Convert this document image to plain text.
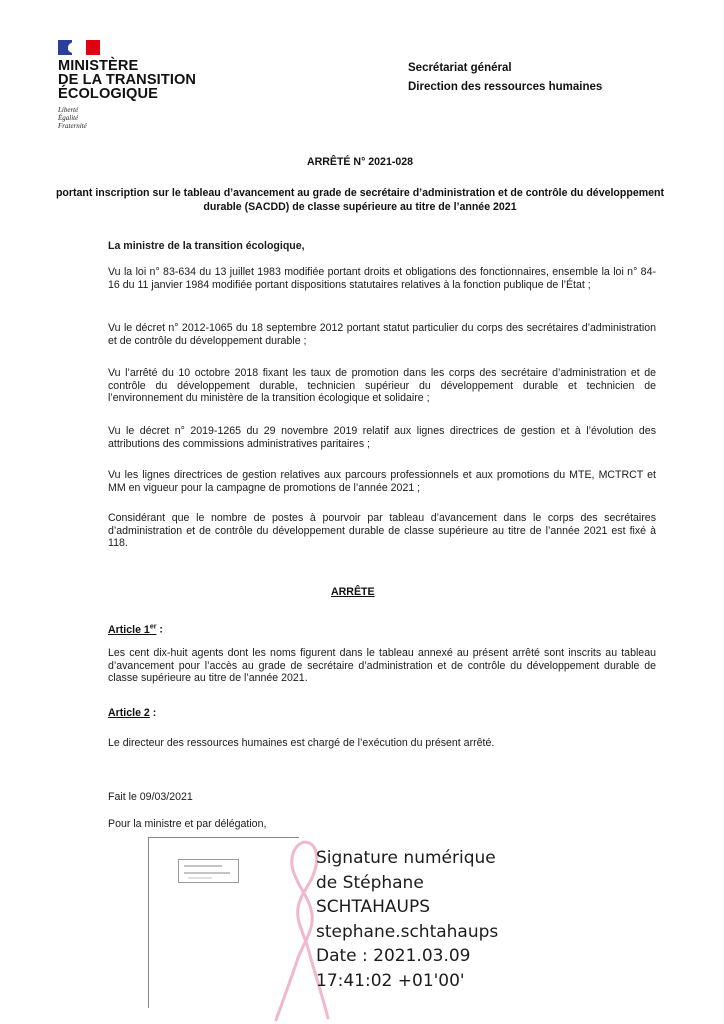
MINISTÈRE
DE LA TRANSITION
ÉCOLOGIQUE
Liberté
Égalité
Fraternité
Secrétariat général
Direction des ressources humaines
ARRÊTÉ N° 2021-028
portant inscription sur le tableau d’avancement au grade de secrétaire d’administration et de contrôle du développement durable (SACDD) de classe supérieure au titre de l’année 2021
La ministre de la transition écologique,

Vu la loi n° 83-634 du 13 juillet 1983 modifiée portant droits et obligations des fonctionnaires, ensemble la loi n° 84-16 du 11 janvier 1984 modifiée portant dispositions statutaires relatives à la fonction publique de l’État ;

Vu le décret n° 2012-1065 du 18 septembre 2012 portant statut particulier du corps des secrétaires d’administration et de contrôle du développement durable ;

Vu l’arrêté du 10 octobre 2018 fixant les taux de promotion dans les corps des secrétaire d’administration et de contrôle du développement durable, technicien supérieur du développement durable et technicien de l’environnement du ministère de la transition écologique et solidaire ;

Vu le décret n° 2019-1265 du 29 novembre 2019 relatif aux lignes directrices de gestion et à l’évolution des attributions des commissions administratives paritaires ;

Vu les lignes directrices de gestion relatives aux parcours professionnels et aux promotions du MTE, MCTRCT et MM en vigueur pour la campagne de promotions de l’année 2021 ;

Considérant que le nombre de postes à pourvoir par tableau d’avancement dans le corps des secrétaires d’administration et de contrôle du développement durable de classe supérieure au titre de l’année 2021 est fixé à 118.

ARRÊTE
Article 1er :
Les cent dix-huit agents dont les noms figurent dans le tableau annexé au présent arrêté sont inscrits au tableau d’avancement pour l’accès au grade de secrétaire d’administration et de contrôle du développement durable de classe supérieure au titre de l’année 2021.
Article 2 :
Le directeur des ressources humaines est chargé de l’exécution du présent arrêté.
Fait le 09/03/2021
Pour la ministre et par délégation,
Signature numérique
de Stéphane
SCHTAHAUPS
stephane.schtahaups
Date : 2021.03.09
17:41:02 +01'00'
